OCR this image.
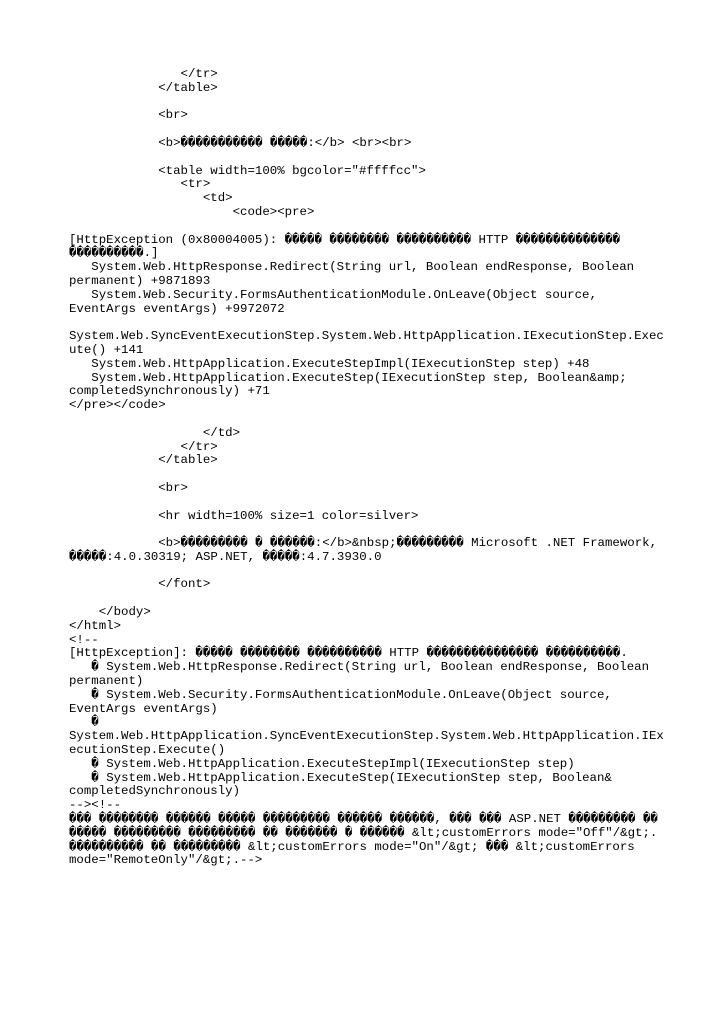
</tr>
</table>
<br>
<b>����������� �����:</b> <br><br>
<table width=100% bgcolor="#ffffcc">
<tr>
<td>
<code><pre>
[HttpException (0x80004005): ����� �������� ���������� HTTP ��������������
����������.]
System.Web.HttpResponse.Redirect(String url, Boolean endResponse, Boolean
permanent) +9871893
System.Web.Security.FormsAuthenticationModule.OnLeave(Object source,
EventArgs eventArgs) +9972072
System.Web.SyncEventExecutionStep.System.Web.HttpApplication.IExecutionStep.Exec
ute() +141
System.Web.HttpApplication.ExecuteStepImpl(IExecutionStep step) +48
System.Web.HttpApplication.ExecuteStep(IExecutionStep step, Boolean&amp;
completedSynchronously) +71
</pre></code>
</td>
</tr>
</table>
<br>
<hr width=100% size=1 color=silver>
<b>��������� � ������:</b>&nbsp;��������� Microsoft .NET Framework,
�����:4.0.30319; ASP.NET, �����:4.7.3930.0
</font>
</body>
</html>
<!--
[HttpException]: ����� �������� ���������� HTTP ��������������� ����������.
� System.Web.HttpResponse.Redirect(String url, Boolean endResponse, Boolean
permanent)
� System.Web.Security.FormsAuthenticationModule.OnLeave(Object source,
EventArgs eventArgs)
�
System.Web.HttpApplication.SyncEventExecutionStep.System.Web.HttpApplication.IEx
ecutionStep.Execute()
� System.Web.HttpApplication.ExecuteStepImpl(IExecutionStep step)
� System.Web.HttpApplication.ExecuteStep(IExecutionStep step, Boolean&
completedSynchronously)
--><!--
��� �������� ������ ����� ��������� ������ ������, ��� ��� ASP.NET ��������� ��
����� ��������� ��������� �� ������� � ������ &lt;customErrors mode="Off"/&gt;.
���������� �� ��������� &lt;customErrors mode="On"/&gt; ��� &lt;customErrors
mode="RemoteOnly"/&gt;.-->
